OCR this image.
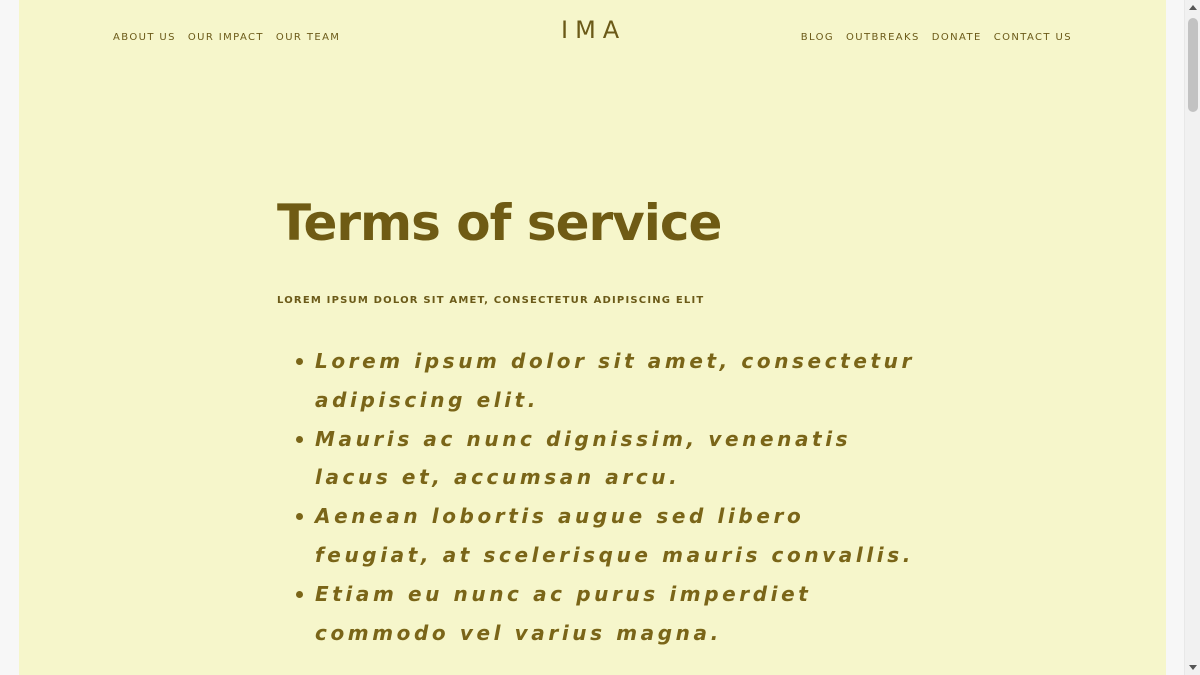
ABOUT US OUR IMPACT OUR TEAM	IMA	BLOG OUTBREAKS DONATE CONTACT US
Terms of service

LOREM IPSUM DOLOR SIT AMET, CONSECTETUR ADIPISCING ELIT

Lorem ipsum dolor sit amet, consectetur adipiscing elit.
Mauris ac nunc dignissim, venenatis lacus et, accumsan arcu.
Aenean lobortis augue sed libero feugiat, at scelerisque mauris convallis.
Etiam eu nunc ac purus imperdiet commodo vel varius magna.
